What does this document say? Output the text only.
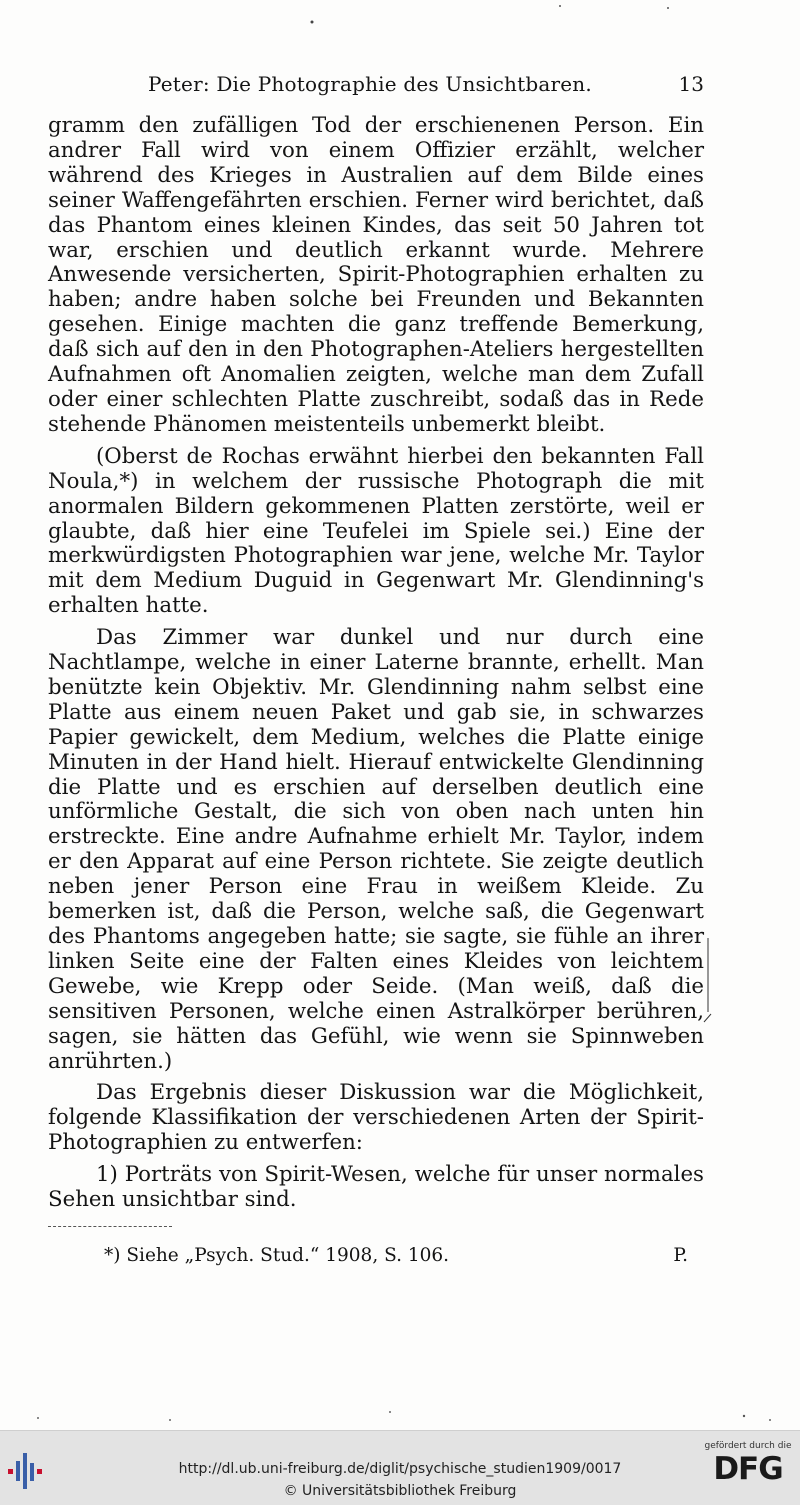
Peter: Die Photographie des Unsichtbaren.	13

gramm den zufälligen Tod der erschienenen Person. Ein andrer Fall wird von einem Offizier erzählt, welcher während des Krieges in Australien auf dem Bilde eines seiner Waffengefährten erschien. Ferner wird berichtet, daß das Phantom eines kleinen Kindes, das seit 50 Jahren tot war, erschien und deutlich erkannt wurde. Mehrere Anwesende versicherten, Spirit-Photographien erhalten zu haben; andre haben solche bei Freunden und Bekannten gesehen. Einige machten die ganz treffende Bemerkung, daß sich auf den in den Photographen-Ateliers hergestellten Aufnahmen oft Anomalien zeigten, welche man dem Zufall oder einer schlechten Platte zuschreibt, sodaß das in Rede stehende Phänomen meistenteils unbemerkt bleibt.

(Oberst de Rochas erwähnt hierbei den bekannten Fall Noula,*) in welchem der russische Photograph die mit anormalen Bildern gekommenen Platten zerstörte, weil er glaubte, daß hier eine Teufelei im Spiele sei.) Eine der merkwürdigsten Photographien war jene, welche Mr. Taylor mit dem Medium Duguid in Gegenwart Mr. Glendinning's erhalten hatte.

Das Zimmer war dunkel und nur durch eine Nachtlampe, welche in einer Laterne brannte, erhellt. Man benützte kein Objektiv. Mr. Glendinning nahm selbst eine Platte aus einem neuen Paket und gab sie, in schwarzes Papier gewickelt, dem Medium, welches die Platte einige Minuten in der Hand hielt. Hierauf entwickelte Glendinning die Platte und es erschien auf derselben deutlich eine unförmliche Gestalt, die sich von oben nach unten hin erstreckte. Eine andre Aufnahme erhielt Mr. Taylor, indem er den Apparat auf eine Person richtete. Sie zeigte deutlich neben jener Person eine Frau in weißem Kleide. Zu bemerken ist, daß die Person, welche saß, die Gegenwart des Phantoms angegeben hatte; sie sagte, sie fühle an ihrer linken Seite eine der Falten eines Kleides von leichtem Gewebe, wie Krepp oder Seide. (Man weiß, daß die sensitiven Personen, welche einen Astralkörper berühren, sagen, sie hätten das Gefühl, wie wenn sie Spinnweben anrührten.)

Das Ergebnis dieser Diskussion war die Möglichkeit, folgende Klassifikation der verschiedenen Arten der Spirit-Photographien zu entwerfen:

1) Porträts von Spirit-Wesen, welche für unser normales Sehen unsichtbar sind.

*) Siehe „Psych. Stud.“ 1908, S. 106.	P.
http://dl.ub.uni-freiburg.de/diglit/psychische_studien1909/0017
© Universitätsbibliothek Freiburg
gefördert durch die
DFG
